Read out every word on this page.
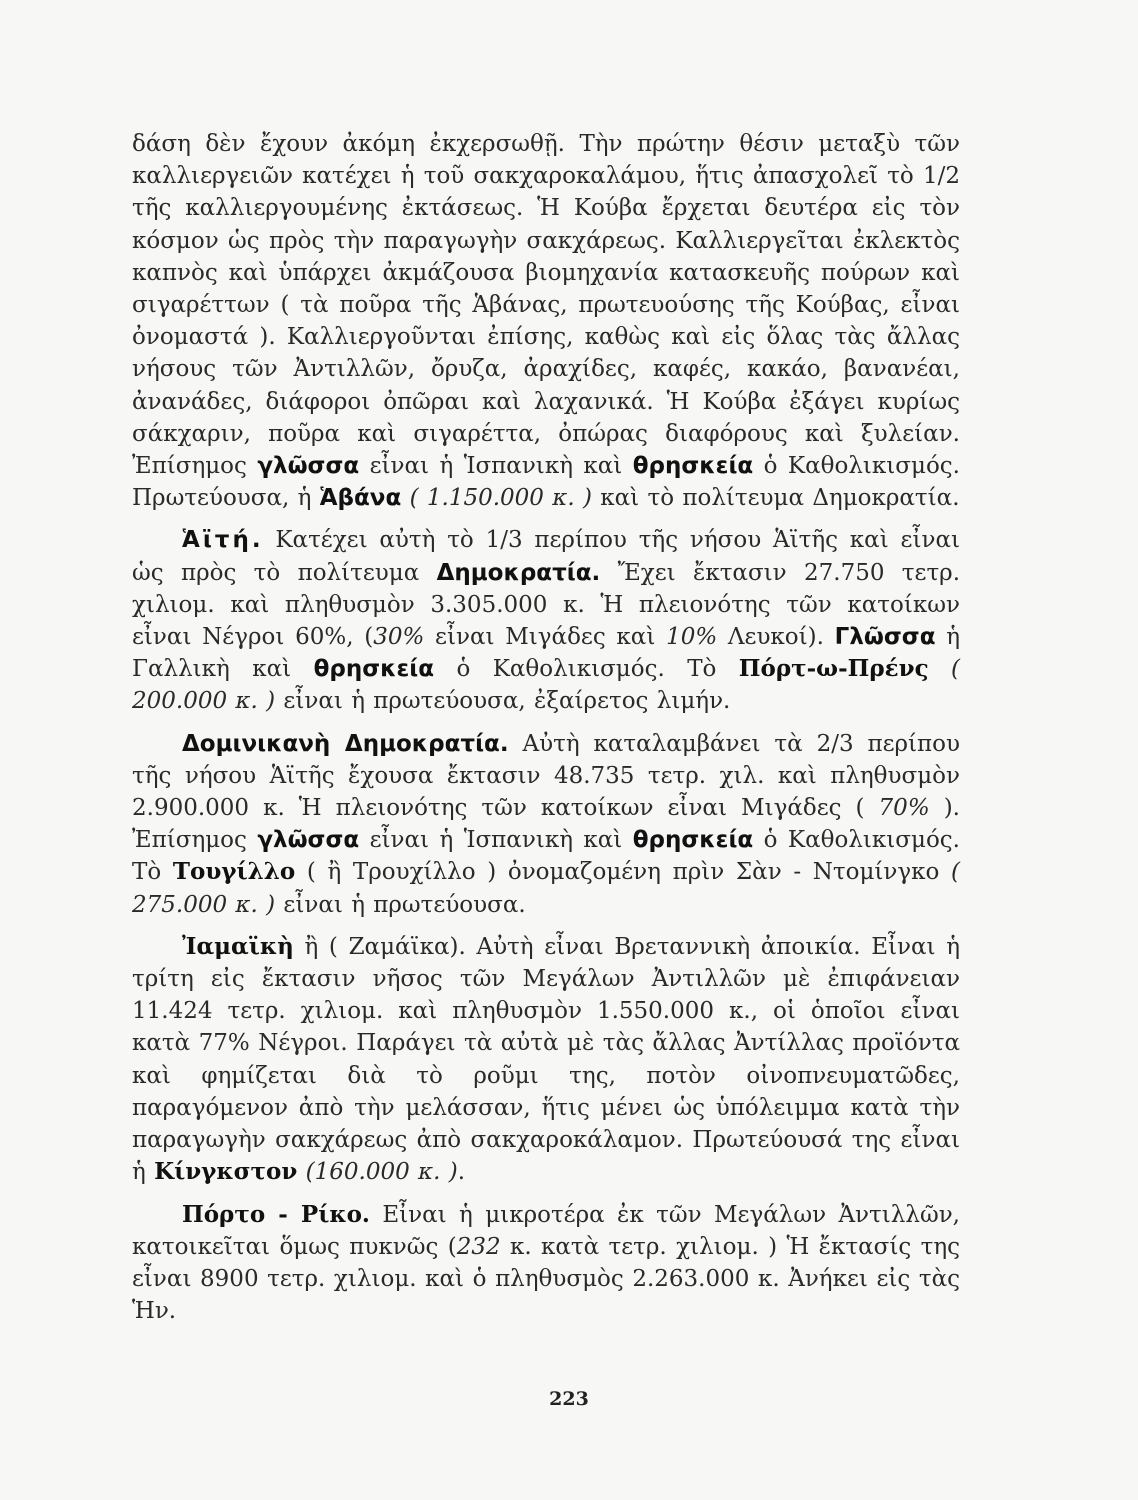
δάση δὲν ἔχουν ἀκόμη ἐκχερσωθῇ. Τὴν πρώτην θέσιν μεταξὺ τῶν καλλιεργειῶν κατέχει ἡ τοῦ σακχαροκαλάμου, ἥτις ἀπασχολεῖ τὸ 1/2 τῆς καλλιεργουμένης ἐκτάσεως. Ἡ Κούβα ἔρχεται δευτέρα εἰς τὸν κόσμον ὡς πρὸς τὴν παραγωγὴν σακχάρεως. Καλλιεργεῖται ἐκλεκτὸς καπνὸς καὶ ὑπάρχει ἀκμάζουσα βιομηχανία κατασκευῆς πούρων καὶ σιγαρέττων ( τὰ ποῦρα τῆς Ἁβάνας, πρωτευούσης τῆς Κούβας, εἶναι ὀνομαστά ). Καλλιεργοῦνται ἐπίσης, καθὼς καὶ εἰς ὅλας τὰς ἄλλας νήσους τῶν Ἀντιλλῶν, ὄρυζα, ἀραχίδες, καφές, κακάο, βανανέαι, ἀνανάδες, διάφοροι ὀπῶραι καὶ λαχανικά. Ἡ Κούβα ἐξάγει κυρίως σάκχαριν, ποῦρα καὶ σιγαρέττα, ὀπώρας διαφόρους καὶ ξυλείαν. Ἐπίσημος γλῶσσα εἶναι ἡ Ἱσπανικὴ καὶ θρησκεία ὁ Καθολικισμός. Πρωτεύουσα, ἡ Ἁβάνα ( 1.150.000 κ. ) καὶ τὸ πολίτευμα Δημοκρατία.

Ἁϊτή. Κατέχει αὐτὴ τὸ 1/3 περίπου τῆς νήσου Ἁϊτῆς καὶ εἶναι ὡς πρὸς τὸ πολίτευμα Δημοκρατία. Ἔχει ἔκτασιν 27.750 τετρ. χιλιομ. καὶ πληθυσμὸν 3.305.000 κ. Ἡ πλειονότης τῶν κατοίκων εἶναι Νέγροι 60%, (30% εἶναι Μιγάδες καὶ 10% Λευκοί). Γλῶσσα ἡ Γαλλικὴ καὶ θρησκεία ὁ Καθολικισμός. Τὸ Πόρτ-ω-Πρένς ( 200.000 κ. ) εἶναι ἡ πρωτεύουσα, ἐξαίρετος λιμήν.

Δομινικανὴ Δημοκρατία. Αὐτὴ καταλαμβάνει τὰ 2/3 περίπου τῆς νήσου Ἁϊτῆς ἔχουσα ἔκτασιν 48.735 τετρ. χιλ. καὶ πληθυσμὸν 2.900.000 κ. Ἡ πλειονότης τῶν κατοίκων εἶναι Μιγάδες ( 70% ). Ἐπίσημος γλῶσσα εἶναι ἡ Ἱσπανικὴ καὶ θρησκεία ὁ Καθολικισμός. Τὸ Τουγίλλο ( ἢ Τρουχίλλο ) ὀνομαζομένη πρὶν Σὰν - Ντομίνγκο ( 275.000 κ. ) εἶναι ἡ πρωτεύουσα.

Ἰαμαϊκὴ ἢ ( Ζαμάϊκα). Αὐτὴ εἶναι Βρεταννικὴ ἀποικία. Εἶναι ἡ τρίτη εἰς ἔκτασιν νῆσος τῶν Μεγάλων Ἀντιλλῶν μὲ ἐπιφάνειαν 11.424 τετρ. χιλιομ. καὶ πληθυσμὸν 1.550.000 κ., οἱ ὁποῖοι εἶναι κατὰ 77% Νέγροι. Παράγει τὰ αὐτὰ μὲ τὰς ἄλλας Ἀντίλλας προϊόντα καὶ φημίζεται διὰ τὸ ροῦμι της, ποτὸν οἰνοπνευματῶδες, παραγόμενον ἀπὸ τὴν μελάσσαν, ἥτις μένει ὡς ὑπόλειμμα κατὰ τὴν παραγωγὴν σακχάρεως ἀπὸ σακχαροκάλαμον. Πρωτεύουσά της εἶναι ἡ Κίνγκστον (160.000 κ. ).

Πόρτο - Ρίκο. Εἶναι ἡ μικροτέρα ἐκ τῶν Μεγάλων Ἀντιλλῶν, κατοικεῖται ὅμως πυκνῶς (232 κ. κατὰ τετρ. χιλιομ. ) Ἡ ἔκτασίς της εἶναι 8900 τετρ. χιλιομ. καὶ ὁ πληθυσμὸς 2.263.000 κ. Ἀνήκει εἰς τὰς Ἡν.

223
